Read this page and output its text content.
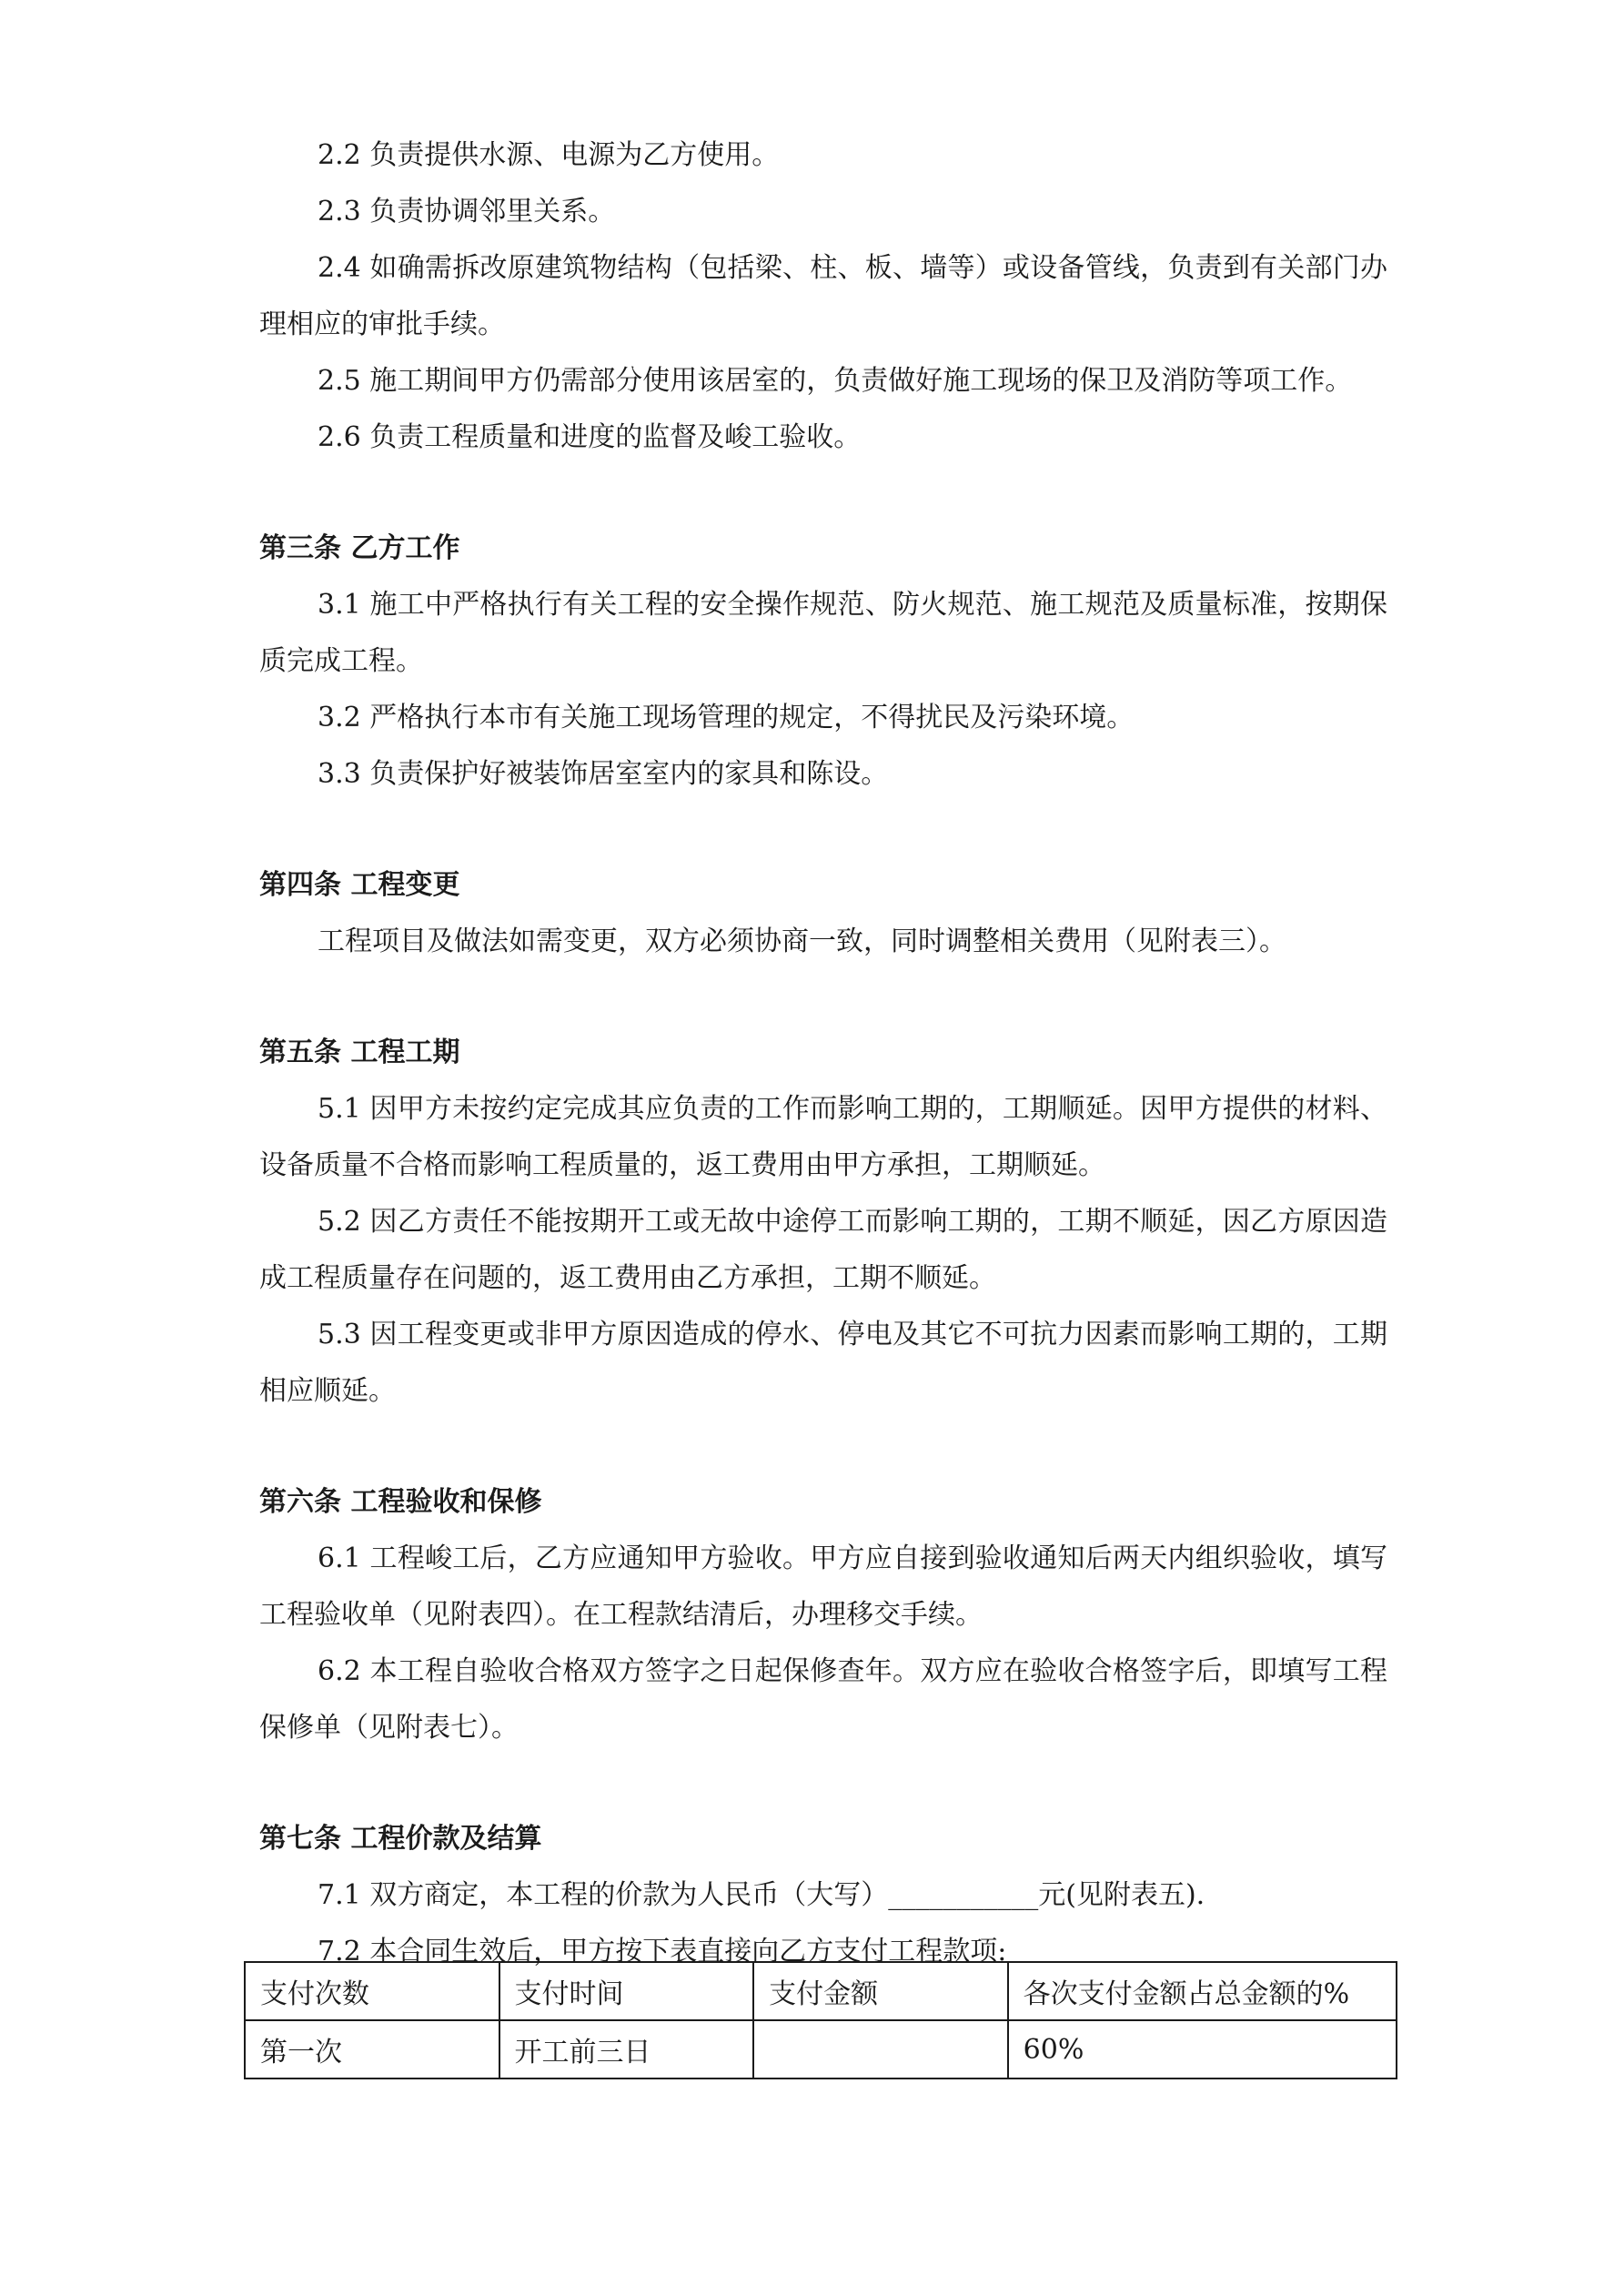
2.2 负责提供水源、电源为乙方使用。

2.3 负责协调邻里关系。

2.4 如确需拆改原建筑物结构（包括梁、柱、板、墙等）或设备管线，负责到有关部门办理相应的审批手续。

2.5 施工期间甲方仍需部分使用该居室的，负责做好施工现场的保卫及消防等项工作。

2.6 负责工程质量和进度的监督及峻工验收。

第三条 乙方工作

3.1 施工中严格执行有关工程的安全操作规范、防火规范、施工规范及质量标准，按期保质完成工程。

3.2 严格执行本市有关施工现场管理的规定，不得扰民及污染环境。

3.3 负责保护好被装饰居室室内的家具和陈设。

第四条 工程变更

工程项目及做法如需变更，双方必须协商一致，同时调整相关费用（见附表三）。

第五条 工程工期

5.1 因甲方未按约定完成其应负责的工作而影响工期的，工期顺延。因甲方提供的材料、设备质量不合格而影响工程质量的，返工费用由甲方承担，工期顺延。

5.2 因乙方责任不能按期开工或无故中途停工而影响工期的，工期不顺延，因乙方原因造成工程质量存在问题的，返工费用由乙方承担，工期不顺延。

5.3 因工程变更或非甲方原因造成的停水、停电及其它不可抗力因素而影响工期的，工期相应顺延。

第六条 工程验收和保修

6.1 工程峻工后，乙方应通知甲方验收。甲方应自接到验收通知后两天内组织验收，填写工程验收单（见附表四）。在工程款结清后，办理移交手续。

6.2 本工程自验收合格双方签字之日起保修查年。双方应在验收合格签字后，即填写工程保修单（见附表七）。

第七条 工程价款及结算

7.1 双方商定，本工程的价款为人民币（大写）___________元(见附表五).

7.2 本合同生效后，甲方按下表直接向乙方支付工程款项:

支付次数	支付时间	支付金额	各次支付金额占总金额的%
第一次	开工前三日		60%
